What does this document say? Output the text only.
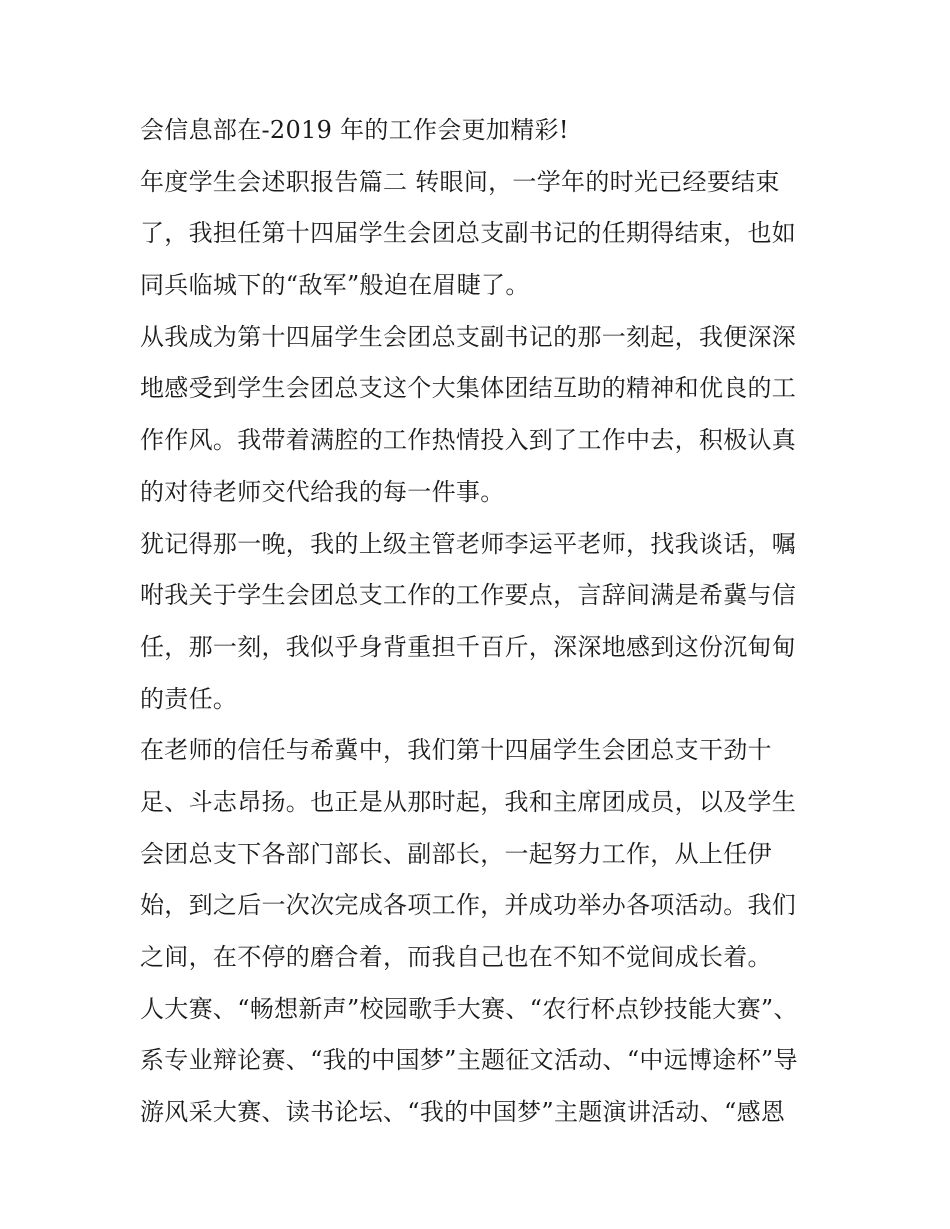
会信息部在-2019 年的工作会更加精彩!
年度学生会述职报告篇二 转眼间，一学年的时光已经要结束
了，我担任第十四届学生会团总支副书记的任期得结束，也如
同兵临城下的“敌军”般迫在眉睫了。
从我成为第十四届学生会团总支副书记的那一刻起，我便深深
地感受到学生会团总支这个大集体团结互助的精神和优良的工
作作风。我带着满腔的工作热情投入到了工作中去，积极认真
的对待老师交代给我的每一件事。
犹记得那一晚，我的上级主管老师李运平老师，找我谈话，嘱
咐我关于学生会团总支工作的工作要点，言辞间满是希冀与信
任，那一刻，我似乎身背重担千百斤，深深地感到这份沉甸甸
的责任。
在老师的信任与希冀中，我们第十四届学生会团总支干劲十
足、斗志昂扬。也正是从那时起，我和主席团成员，以及学生
会团总支下各部门部长、副部长，一起努力工作，从上任伊
始，到之后一次次完成各项工作，并成功举办各项活动。我们
之间，在不停的磨合着，而我自己也在不知不觉间成长着。
人大赛、“畅想新声”校园歌手大赛、“农行杯点钞技能大赛”、
系专业辩论赛、“我的中国梦”主题征文活动、“中远博途杯”导
游风采大赛、读书论坛、“我的中国梦”主题演讲活动、“感恩
